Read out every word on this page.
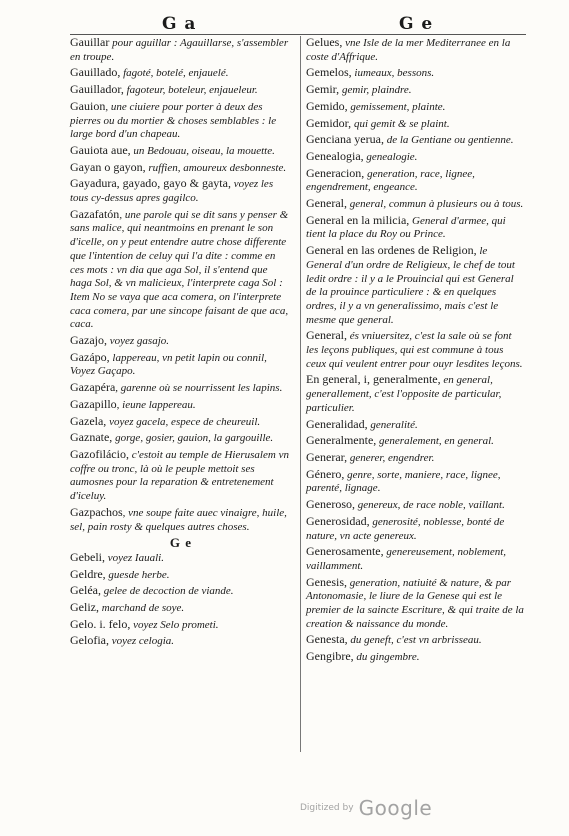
G a	G e
Gauillar pour aguillar : Agauillarse, s'assembler en troupe.
Gauillado, fagoté, botelé, enjauelé.
Gauillador, fagoteur, boteleur, enjaueleur.
Gauion, une ciuiere pour porter à deux des pierres ou du mortier & choses semblables : le large bord d'un chapeau.
Gauiota aue, un Bedouau, oiseau, la mouette.
Gayan o gayon, ruffien, amoureux desbonneste.
Gayadura, gayado, gayo & gayta, voyez les tous cy-dessus apres gagilco.
Gazafatón, une parole qui se dit sans y penser & sans malice, qui neantmoins en prenant le son d'icelle, on y peut entendre autre chose differente que l'intention de celuy qui l'a dite : comme en ces mots : vn dia que aga Sol, il s'entend que haga Sol, & vn malicieux, l'interprete caga Sol : Item No se vaya que aca comera, on l'interprete caca comera, par une sincope faisant de que aca, caca.
Gazajo, voyez gasajo.
Gazápo, lappereau, vn petit lapin ou connil, Voyez Gaçapo.
Gazapéra, garenne où se nourrissent les lapins.
Gazapillo, ieune lappereau.
Gazela, voyez gacela, espece de cheureuil.
Gaznate, gorge, gosier, gauion, la gargouille.
Gazofilácio, c'estoit au temple de Hierusalem vn coffre ou tronc, là où le peuple mettoit ses aumosnes pour la reparation & entretenement d'iceluy.
Gazpachos, vne soupe faite auec vinaigre, huile, sel, pain rosty & quelques autres choses.
G e
Gebeli, voyez Iauali.
Geldre, guesde herbe.
Geléa, gelee de decoction de viande.
Geliz, marchand de soye.
Gelo. i. felo, voyez Selo prometi.
Gelofia, voyez celogia.
Gelues, vne Isle de la mer Mediterranee en la coste d'Affrique.
Gemelos, iumeaux, bessons.
Gemir, gemir, plaindre.
Gemido, gemissement, plainte.
Gemidor, qui gemit & se plaint.
Genciana yerua, de la Gentiane ou gentienne.
Genealogia, genealogie.
Generacion, generation, race, lignee, engendrement, engeance.
General, general, commun à plusieurs ou à tous.
General en la milicia, General d'armee, qui tient la place du Roy ou Prince.
General en las ordenes de Religion, le General d'un ordre de Religieux, le chef de tout ledit ordre : il y a le Prouincial qui est General de la prouince particuliere : & en quelques ordres, il y a vn generalissimo, mais c'est le mesme que general.
General, és vniuersitez, c'est la sale où se font les leçons publiques, qui est commune à tous ceux qui veulent entrer pour ouyr lesdites leçons.
En general, i, generalmente, en general, generallement, c'est l'opposite de particular, particulier.
Generalidad, generalité.
Generalmente, generalement, en general.
Generar, generer, engendrer.
Género, genre, sorte, maniere, race, lignee, parenté, lignage.
Generoso, genereux, de race noble, vaillant.
Generosidad, generosité, noblesse, bonté de nature, vn acte genereux.
Generosamente, genereusement, noblement, vaillamment.
Genesis, generation, natiuité & nature, & par Antonomasie, le liure de la Genese qui est le premier de la saincte Escriture, & qui traite de la creation & naissance du monde.
Genesta, du geneft, c'est vn arbrisseau.
Gengibre, du gingembre.
Digitized by Google
